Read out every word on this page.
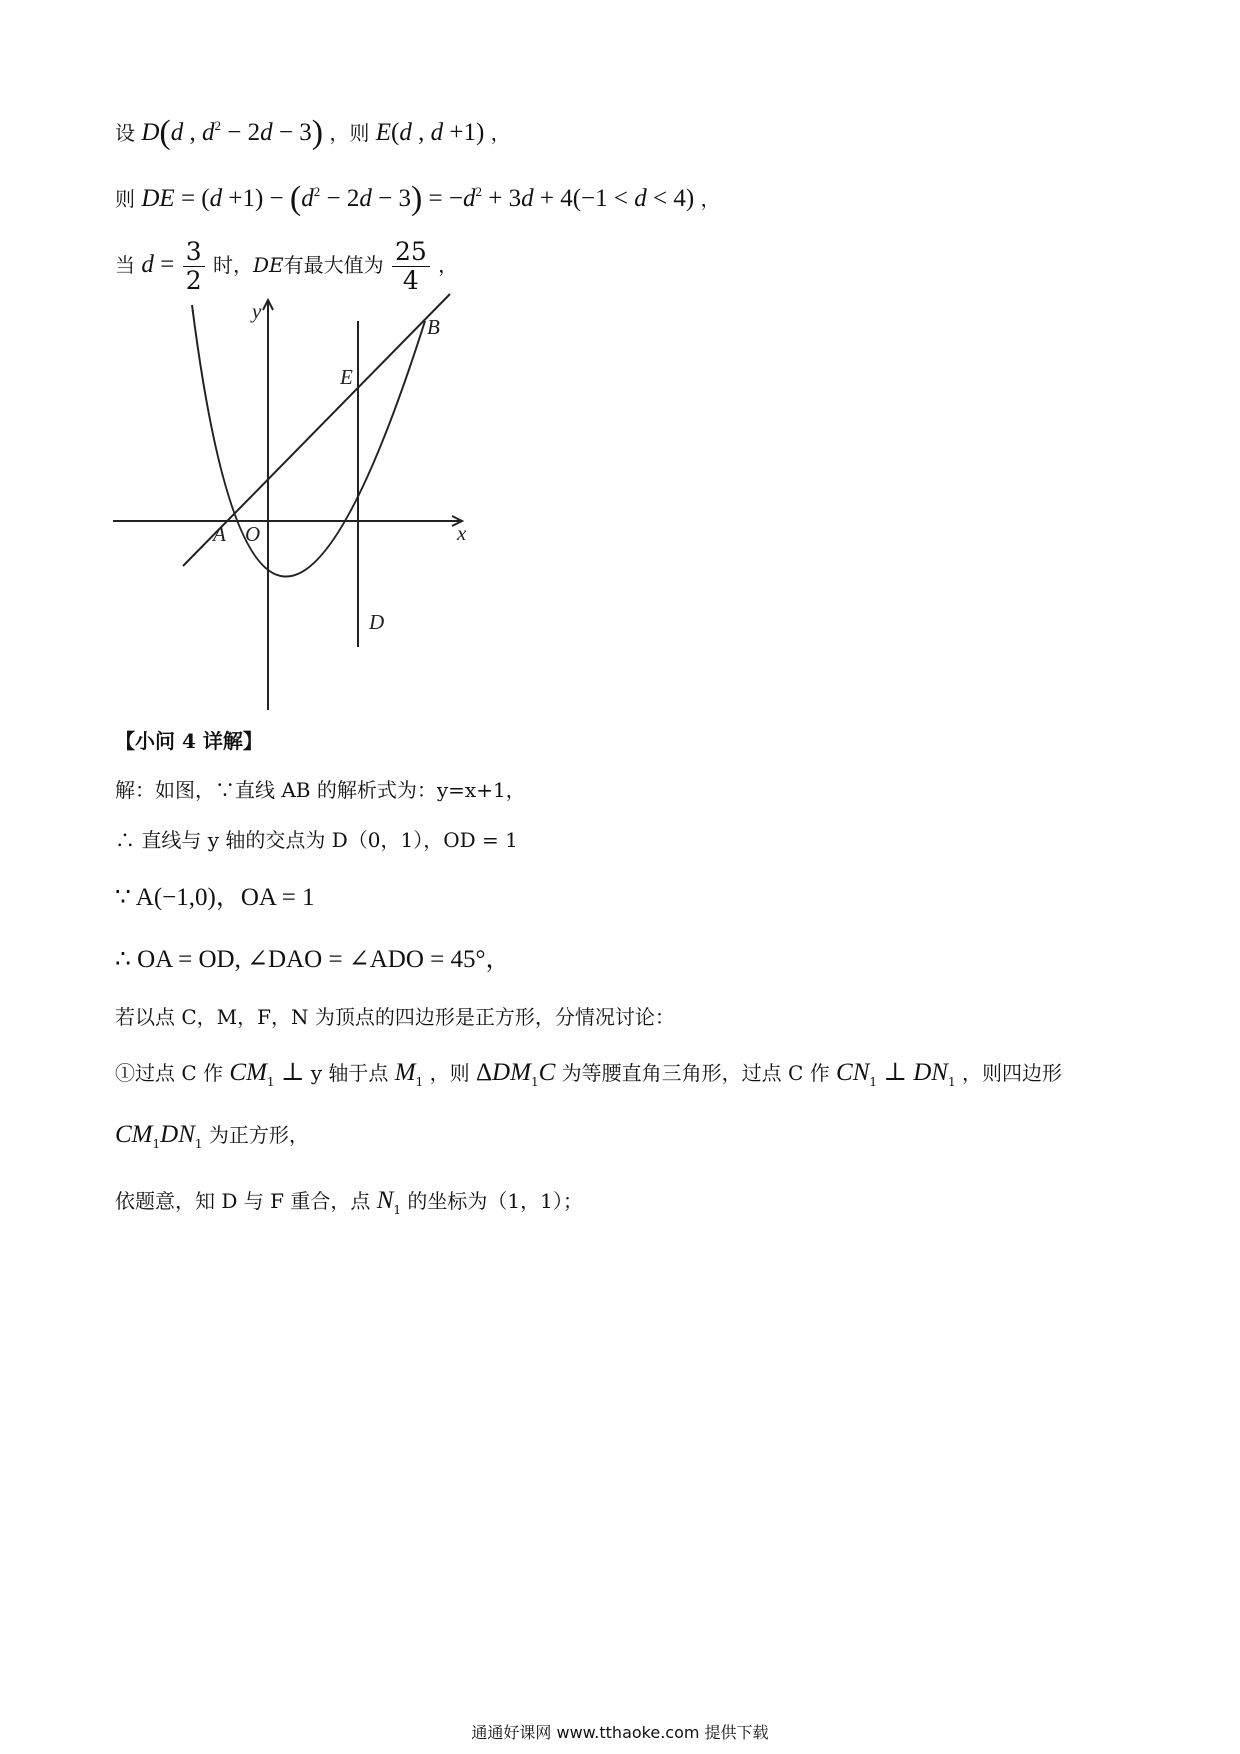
设 D(d , $d^2 - 2d - 3$) ，则 E(d , d +1) ，
则 DE = $(d +1) - (d^2 - 2d - 3) = -d^2 + 3d + 4(-1 < d < 4)$ ，
当 $d = \frac{3}{2}$ 时，DE有最大值为 $\frac{25}{4}$ ，
y
x
O
A
B
E
D
【小问 4 详解】
解：如图，∵直线 AB 的解析式为：y=x+1，
∴ 直线与 y 轴的交点为 D（0，1），OD = 1
∵ A(−1,0)，OA = 1
∴ OA = OD, ∠DAO = ∠ADO = 45°，
若以点 C，M，F，N 为顶点的四边形是正方形，分情况讨论：
①过点 C 作 $CM_1$ ⊥ y 轴于点 $M_1$ ，则 $\Delta DM_1C$ 为等腰直角三角形，过点 C 作 $CN_1$ ⊥ $DN_1$ ，则四边形
$CM_1DN_1$ 为正方形，
依题意，知 D 与 F 重合，点 $N_1$ 的坐标为（1，1）；
通通好课网 www.tthaoke.com 提供下载
